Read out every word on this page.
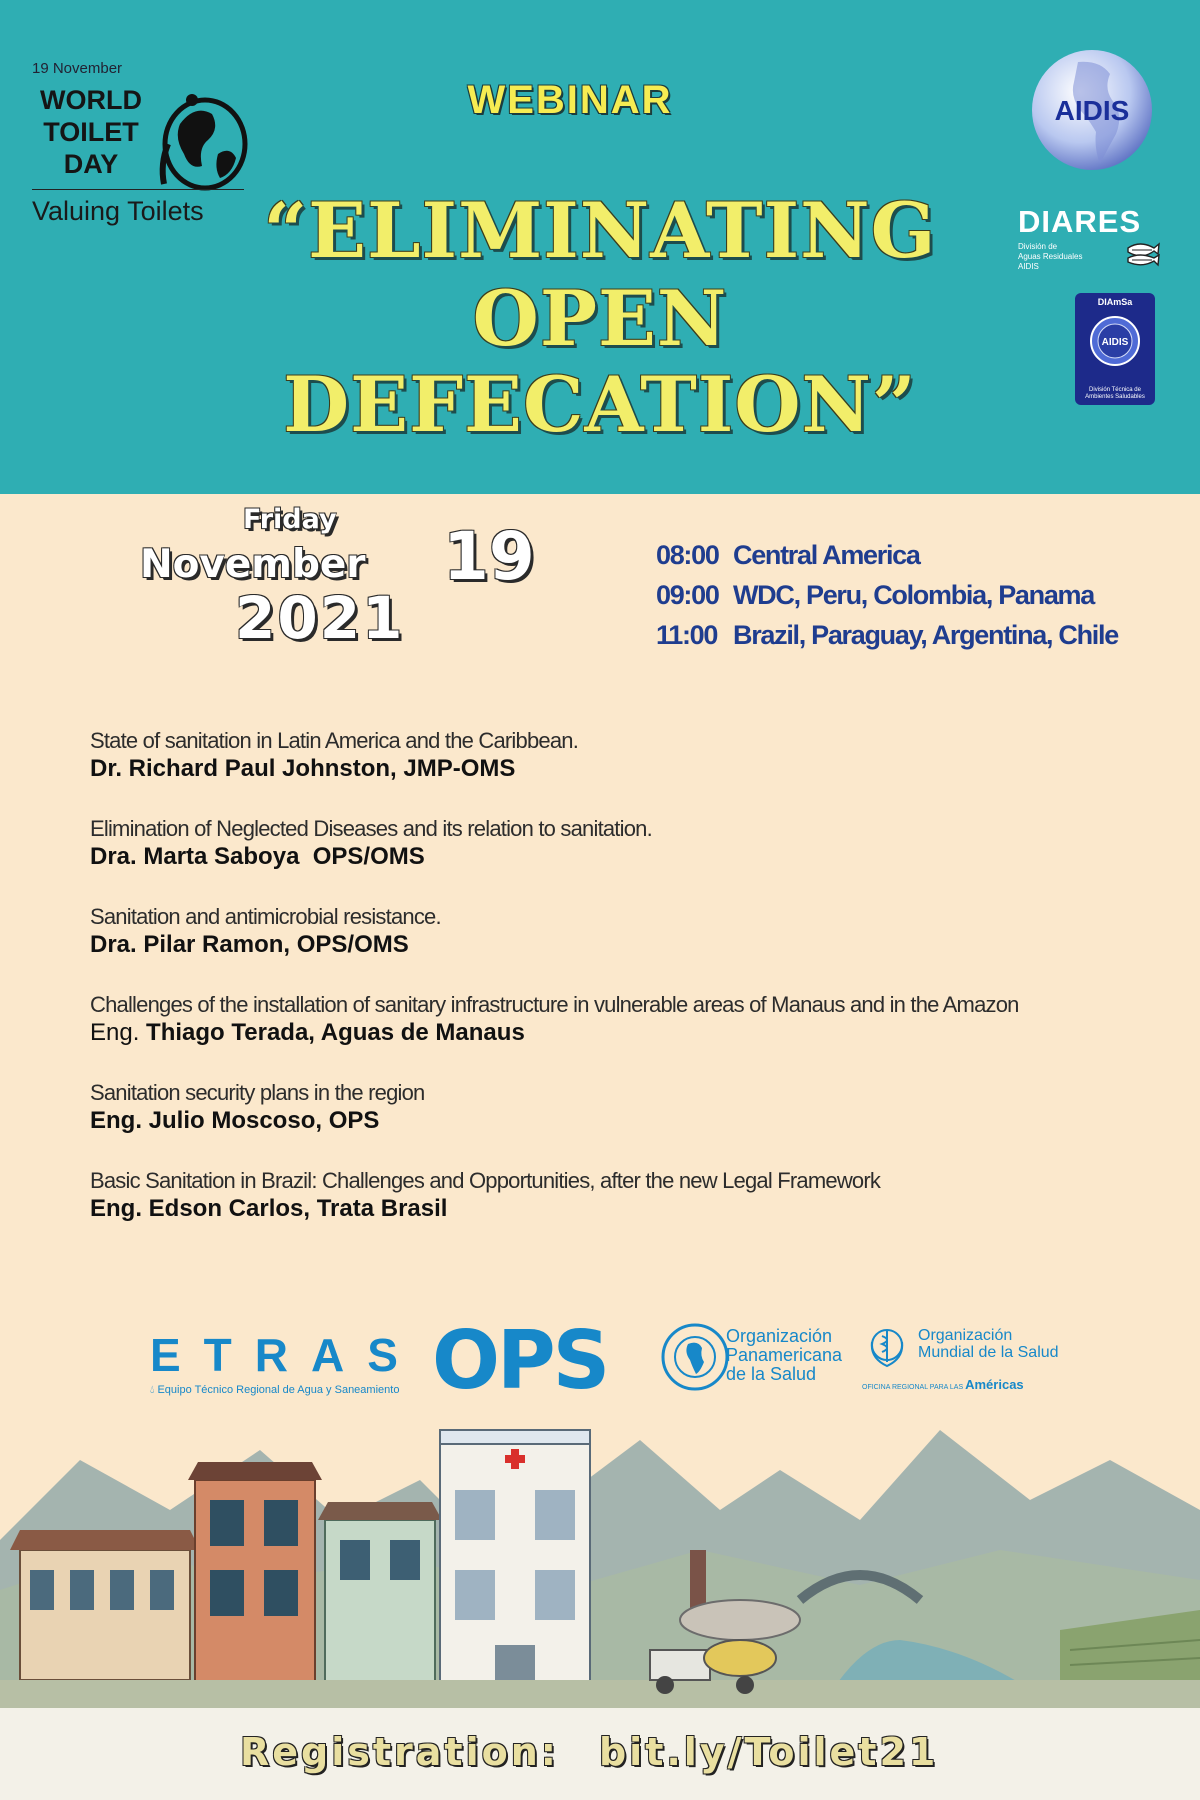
19 November
WORLD
TOILET
DAY
Valuing Toilets
WEBINAR
“ELIMINATING
OPEN
DEFECATION”
AIDIS
DIARES
División de
Aguas Residuales
AIDIS
DIAmSa
AIDIS
División Técnica de Ambientes Saludables
Friday
November 19
2021
08:00 Central America
09:00 WDC, Peru, Colombia, Panama
11:00 Brazil, Paraguay, Argentina, Chile
State of sanitation in Latin America and the Caribbean.
Dr. Richard Paul Johnston, JMP-OMS
Elimination of Neglected Diseases and its relation to sanitation.
Dra. Marta Saboya  OPS/OMS
Sanitation and antimicrobial resistance.
Dra. Pilar Ramon, OPS/OMS
Challenges of the installation of sanitary infrastructure in vulnerable areas of Manaus and in the Amazon
Eng. Thiago Terada, Aguas de Manaus
Sanitation security plans in the region
Eng. Julio Moscoso, OPS
Basic Sanitation in Brazil: Challenges and Opportunities, after the new Legal Framework
Eng. Edson Carlos, Trata Brasil
ETRAS
💧︎ Equipo Técnico Regional de Agua y Saneamiento OPS	Organización
Panamericana
de la Salud
Organización
Mundial de la Salud
OFICINA REGIONAL PARA LAS Américas
Registration: bit.ly/Toilet21
